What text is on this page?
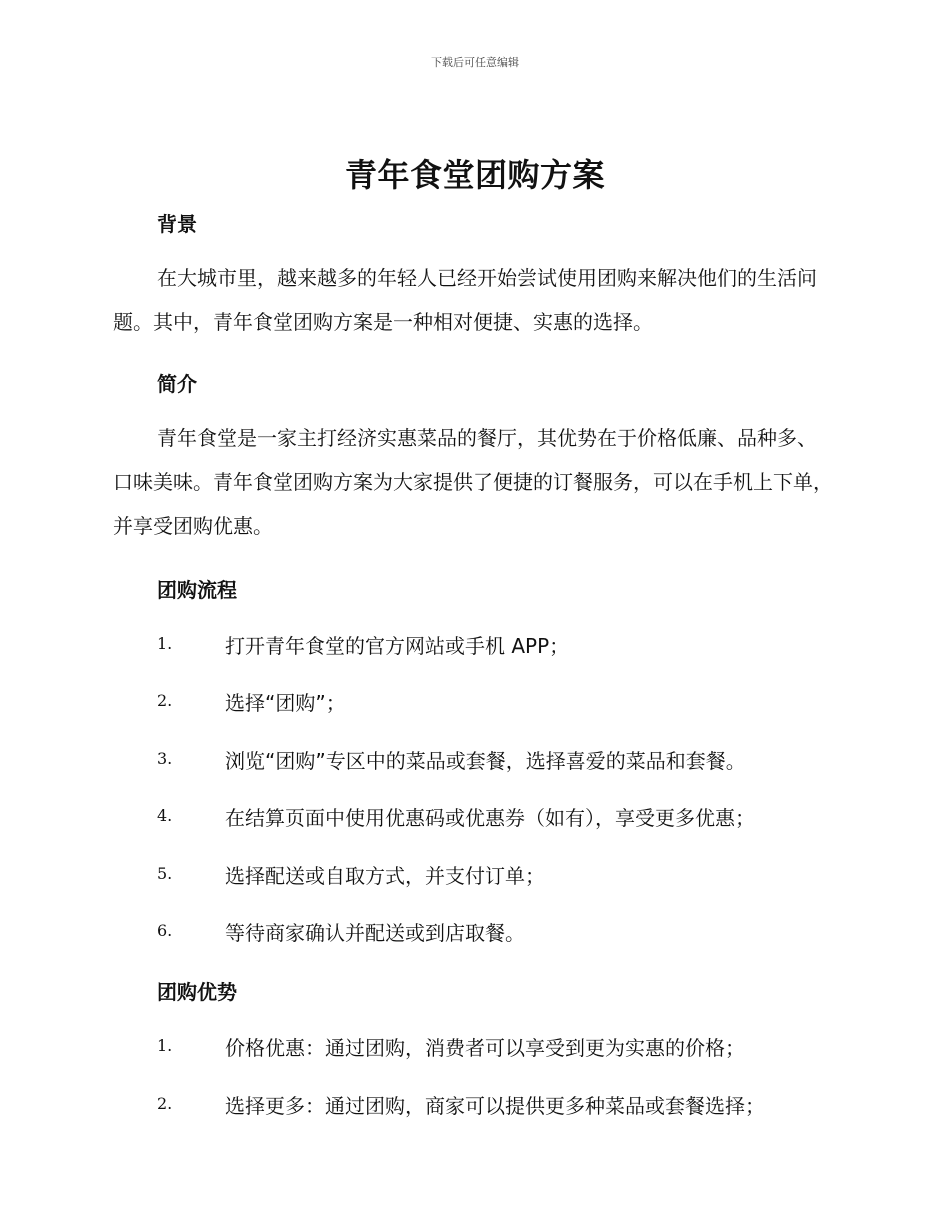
下载后可任意编辑
青年食堂团购方案
背景

在大城市里，越来越多的年轻人已经开始尝试使用团购来解决他们的生活问题。其中，青年食堂团购方案是一种相对便捷、实惠的选择。

简介

青年食堂是一家主打经济实惠菜品的餐厅，其优势在于价格低廉、品种多、口味美味。青年食堂团购方案为大家提供了便捷的订餐服务，可以在手机上下单，并享受团购优惠。

团购流程
1.	打开青年食堂的官方网站或手机 APP；
2.	选择“团购”；
3.	浏览“团购”专区中的菜品或套餐，选择喜爱的菜品和套餐。
4.	在结算页面中使用优惠码或优惠券（如有），享受更多优惠；
5.	选择配送或自取方式，并支付订单；
6.	等待商家确认并配送或到店取餐。
团购优势
1.	价格优惠：通过团购，消费者可以享受到更为实惠的价格；
2.	选择更多：通过团购，商家可以提供更多种菜品或套餐选择；
